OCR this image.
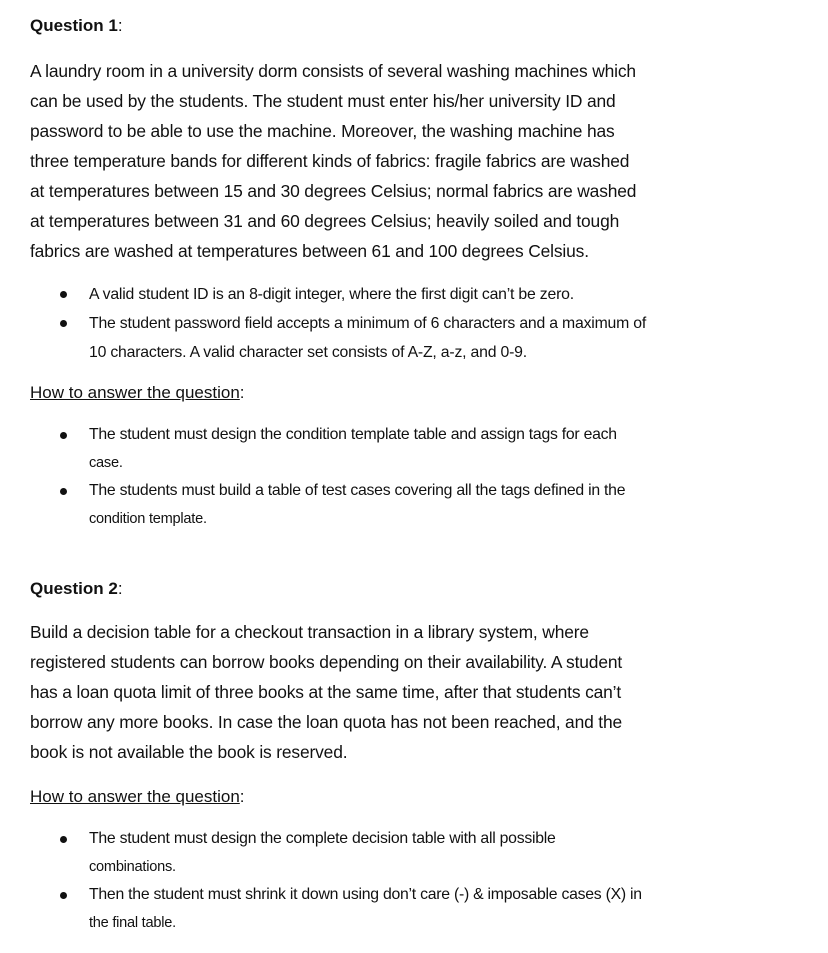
Question 1:

A laundry room in a university dorm consists of several washing machines which
can be used by the students. The student must enter his/her university ID and
password to be able to use the machine. Moreover, the washing machine has
three temperature bands for different kinds of fabrics: fragile fabrics are washed
at temperatures between 15 and 30 degrees Celsius; normal fabrics are washed
at temperatures between 31 and 60 degrees Celsius; heavily soiled and tough
fabrics are washed at temperatures between 61 and 100 degrees Celsius.

A valid student ID is an 8-digit integer, where the first digit can’t be zero.
The student password field accepts a minimum of 6 characters and a maximum of
10 characters. A valid character set consists of A-Z, a-z, and 0-9.

How to answer the question:

The student must design the condition template table and assign tags for each
case.
The students must build a table of test cases covering all the tags defined in the
condition template.
Question 2:

Build a decision table for a checkout transaction in a library system, where
registered students can borrow books depending on their availability. A student
has a loan quota limit of three books at the same time, after that students can’t
borrow any more books. In case the loan quota has not been reached, and the
book is not available the book is reserved.

How to answer the question:

The student must design the complete decision table with all possible
combinations.
Then the student must shrink it down using don’t care (-) & imposable cases (X) in
the final table.
